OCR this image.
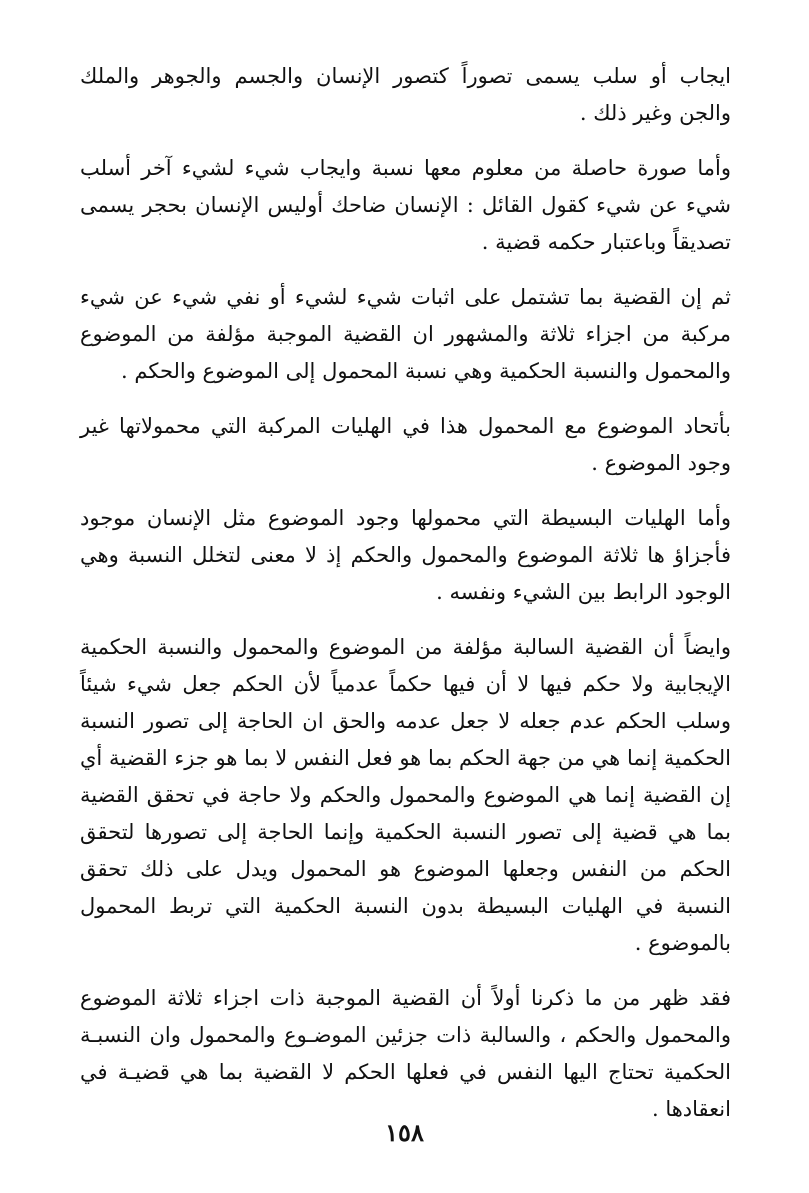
ايجاب أو سلب يسمى تصوراً كتصور الإنسان والجسم والجوهر والملك والجن وغير ذلك .

وأما صورة حاصلة من معلوم معها نسبة وايجاب شيء لشيء آخر أسلب شيء عن شيء كقول القائل : الإنسان ضاحك أوليس الإنسان بحجر يسمى تصديقاً وباعتبار حكمه قضية .

ثم إن القضية بما تشتمل على اثبات شيء لشيء أو نفي شيء عن شيء مركبة من اجزاء ثلاثة والمشهور ان القضية الموجبة مؤلفة من الموضوع والمحمول والنسبة الحكمية وهي نسبة المحمول إلى الموضوع والحكم .

بأتحاد الموضوع مع المحمول هذا في الهليات المركبة التي محمولاتها غير وجود الموضوع .

وأما الهليات البسيطة التي محمولها وجود الموضوع مثل الإنسان موجود فأجزاؤ ها ثلاثة الموضوع والمحمول والحكم إذ لا معنى لتخلل النسبة وهي الوجود الرابط بين الشيء ونفسه .

وايضاً أن القضية السالبة مؤلفة من الموضوع والمحمول والنسبة الحكمية الإيجابية ولا حكم فيها لا أن فيها حكماً عدمياً لأن الحكم جعل شيء شيئاً وسلب الحكم عدم جعله لا جعل عدمه والحق ان الحاجة إلى تصور النسبة الحكمية إنما هي من جهة الحكم بما هو فعل النفس لا بما هو جزء القضية أي إن القضية إنما هي الموضوع والمحمول والحكم ولا حاجة في تحقق القضية بما هي قضية إلى تصور النسبة الحكمية وإنما الحاجة إلى تصورها لتحقق الحكم من النفس وجعلها الموضوع هو المحمول ويدل على ذلك تحقق النسبة في الهليات البسيطة بدون النسبة الحكمية التي تربط المحمول بالموضوع .

فقد ظهر من ما ذكرنا أولاً أن القضية الموجبة ذات اجزاء ثلاثة الموضوع والمحمول والحكم ، والسالبة ذات جزئين الموضـوع والمحمول وان النسبـة الحكمية تحتاج اليها النفس في فعلها الحكم لا القضية بما هي قضيـة في انعقادها .

١٥٨
